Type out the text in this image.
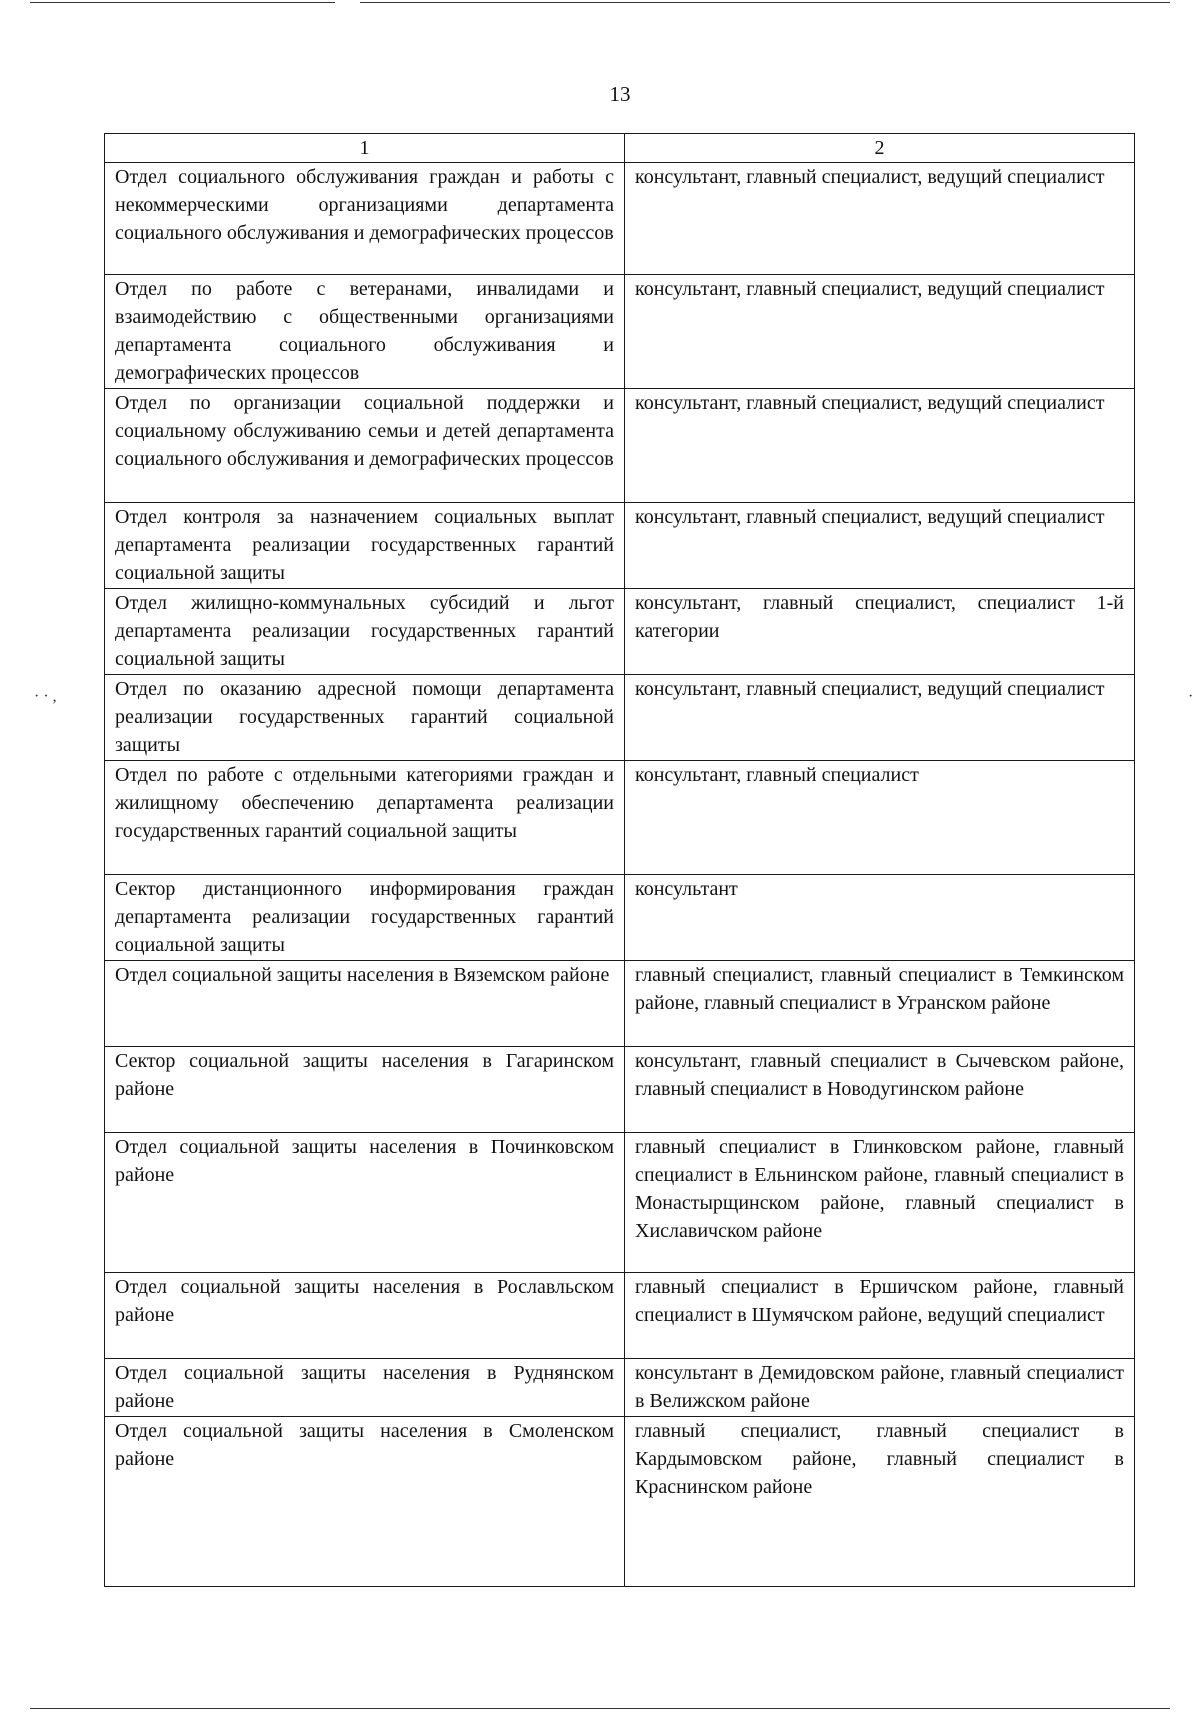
13
· · ,	·
1	2
Отдел социального обслуживания граждан и работы с некоммерческими организациями департамента социального обслуживания и демографических процессов	консультант, главный специалист, ведущий специалист
Отдел по работе с ветеранами, инвалидами и взаимодействию с общественными организациями департамента социального обслуживания и демографических процессов	консультант, главный специалист, ведущий специалист
Отдел по организации социальной поддержки и социальному обслуживанию семьи и детей департамента социального обслуживания и демографических процессов	консультант, главный специалист, ведущий специалист
Отдел контроля за назначением социальных выплат департамента реализации государственных гарантий социальной защиты	консультант, главный специалист, ведущий специалист
Отдел жилищно-коммунальных субсидий и льгот департамента реализации государственных гарантий социальной защиты	консультант, главный специалист, специалист 1-й категории
Отдел по оказанию адресной помощи департамента реализации государственных гарантий социальной защиты	консультант, главный специалист, ведущий специалист
Отдел по работе с отдельными категориями граждан и жилищному обеспечению департамента реализации государственных гарантий социальной защиты	консультант, главный специалист
Сектор дистанционного информирования граждан департамента реализации государственных гарантий социальной защиты	консультант
Отдел социальной защиты населения в Вяземском районе	главный специалист, главный специалист в Темкинском районе, главный специалист в Угранском районе
Сектор социальной защиты населения в Гагаринском районе	консультант, главный специалист в Сычевском районе, главный специалист в Новодугинском районе
Отдел социальной защиты населения в Починковском районе	главный специалист в Глинковском районе, главный специалист в Ельнинском районе, главный специалист в Монастырщинском районе, главный специалист в Хиславичском районе
Отдел социальной защиты населения в Рославльском районе	главный специалист в Ершичском районе, главный специалист в Шумячском районе, ведущий специалист
Отдел социальной защиты населения в Руднянском районе	консультант в Демидовском районе, главный специалист в Велижском районе
Отдел социальной защиты населения в Смоленском районе	главный специалист, главный специалист в Кардымовском районе, главный специалист в Краснинском районе
